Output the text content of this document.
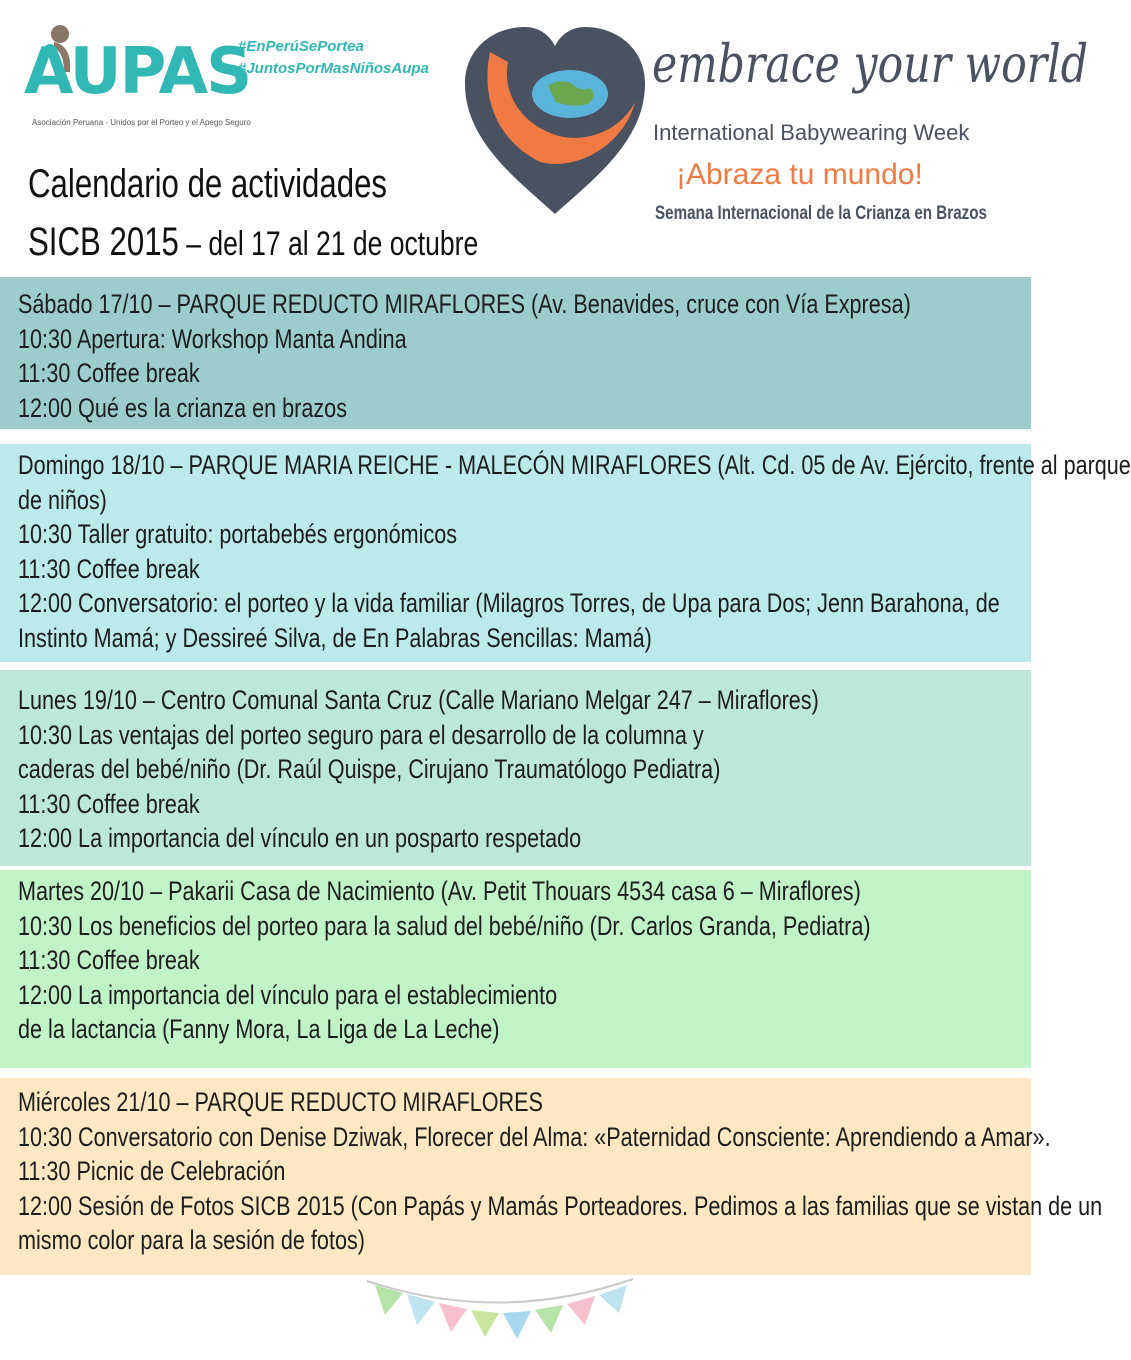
AUPAS
Asociación Peruana - Unidos por el Porteo y el Apego Seguro
#EnPerúSePortea
#JuntosPorMasNiñosAupa
Calendario de actividades
SICB 2015 – del 17 al 21 de octubre
embrace your world
International Babywearing Week
¡Abraza tu mundo!
Semana Internacional de la Crianza en Brazos
Sábado 17/10 – PARQUE REDUCTO MIRAFLORES (Av. Benavides, cruce con Vía Expresa)
10:30 Apertura: Workshop Manta Andina
11:30 Coffee break
12:00 Qué es la crianza en brazos
Domingo 18/10 – PARQUE MARIA REICHE - MALECÓN MIRAFLORES (Alt. Cd. 05 de Av. Ejército, frente al parque
de niños)
10:30 Taller gratuito: portabebés ergonómicos
11:30 Coffee break
12:00 Conversatorio: el porteo y la vida familiar (Milagros Torres, de Upa para Dos; Jenn Barahona, de
Instinto Mamá; y Dessireé Silva, de En Palabras Sencillas: Mamá)
Lunes 19/10 – Centro Comunal Santa Cruz (Calle Mariano Melgar 247 – Miraflores)
10:30 Las ventajas del porteo seguro para el desarrollo de la columna y
caderas del bebé/niño (Dr. Raúl Quispe, Cirujano Traumatólogo Pediatra)
11:30 Coffee break
12:00 La importancia del vínculo en un posparto respetado
Martes 20/10 – Pakarii Casa de Nacimiento (Av. Petit Thouars 4534 casa 6 – Miraflores)
10:30 Los beneficios del porteo para la salud del bebé/niño (Dr. Carlos Granda, Pediatra)
11:30 Coffee break
12:00 La importancia del vínculo para el establecimiento
de la lactancia (Fanny Mora, La Liga de La Leche)
Miércoles 21/10 – PARQUE REDUCTO MIRAFLORES
10:30 Conversatorio con Denise Dziwak, Florecer del Alma: «Paternidad Consciente: Aprendiendo a Amar».
11:30 Picnic de Celebración
12:00 Sesión de Fotos SICB 2015 (Con Papás y Mamás Porteadores. Pedimos a las familias que se vistan de un
mismo color para la sesión de fotos)
